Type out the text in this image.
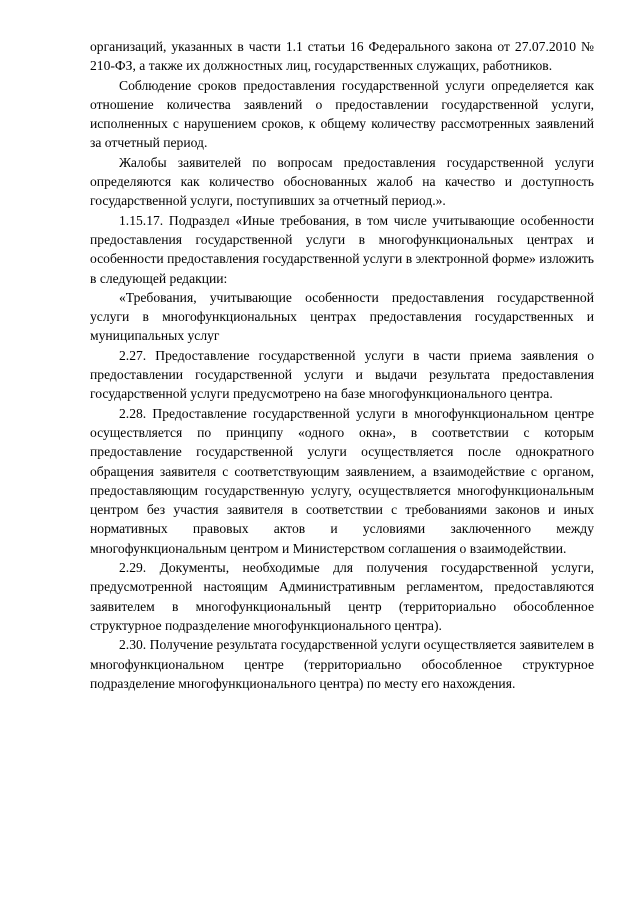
организаций, указанных в части 1.1 статьи 16 Федерального закона от 27.07.2010 № 210-ФЗ, а также их должностных лиц, государственных служащих, работников.

Соблюдение сроков предоставления государственной услуги определяется как отношение количества заявлений о предоставлении государственной услуги, исполненных с нарушением сроков, к общему количеству рассмотренных заявлений за отчетный период.

Жалобы заявителей по вопросам предоставления государственной услуги определяются как количество обоснованных жалоб на качество и доступность государственной услуги, поступивших за отчетный период.».

1.15.17. Подраздел «Иные требования, в том числе учитывающие особенности предоставления государственной услуги в многофункциональных центрах и особенности предоставления государственной услуги в электронной форме» изложить в следующей редакции:

«Требования, учитывающие особенности предоставления государственной услуги в многофункциональных центрах предоставления государственных и муниципальных услуг

2.27. Предоставление государственной услуги в части приема заявления о предоставлении государственной услуги и выдачи результата предоставления государственной услуги предусмотрено на базе многофункционального центра.

2.28. Предоставление государственной услуги в многофункциональном центре осуществляется по принципу «одного окна», в соответствии с которым предоставление государственной услуги осуществляется после однократного обращения заявителя с соответствующим заявлением, а взаимодействие с органом, предоставляющим государственную услугу, осуществляется многофункциональным центром без участия заявителя в соответствии с требованиями законов и иных нормативных правовых актов и условиями заключенного между многофункциональным центром и Министерством соглашения о взаимодействии.

2.29. Документы, необходимые для получения государственной услуги, предусмотренной настоящим Административным регламентом, предоставляются заявителем в многофункциональный центр (территориально обособленное структурное подразделение многофункционального центра).

2.30. Получение результата государственной услуги осуществляется заявителем в многофункциональном центре (территориально обособленное структурное подразделение многофункционального центра) по месту его нахождения.
